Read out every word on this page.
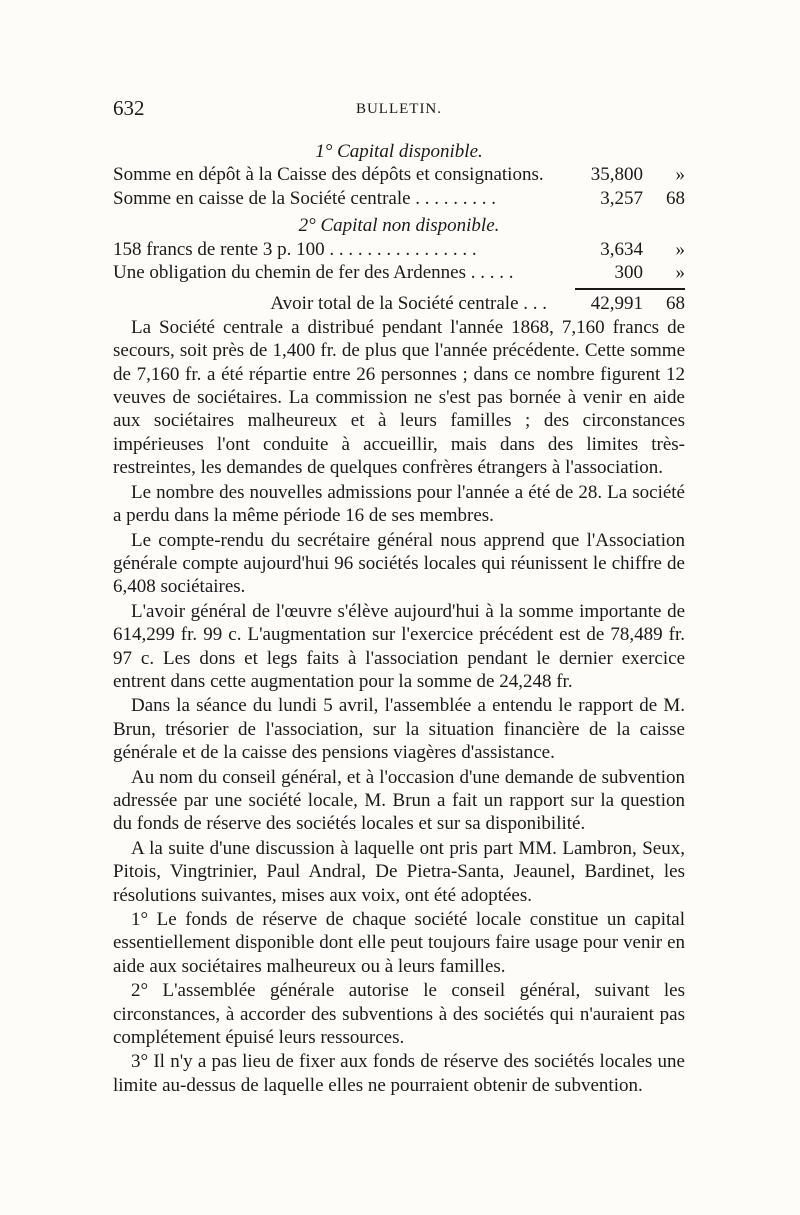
632	BULLETIN.

1° Capital disponible.

Somme en dépôt à la Caisse des dépôts et consignations.	35,800	»
Somme en caisse de la Société centrale . . . . . . . . .	3,257	68

2° Capital non disponible.

158 francs de rente 3 p. 100 . . . . . . . . . . . . . . . .	3,634	»
Une obligation du chemin de fer des Ardennes . . . . .	300	»
Avoir total de la Société centrale . . .	42,991	68

La Société centrale a distribué pendant l'année 1868, 7,160 francs de secours, soit près de 1,400 fr. de plus que l'année précédente. Cette somme de 7,160 fr. a été répartie entre 26 personnes ; dans ce nombre figurent 12 veuves de sociétaires. La commission ne s'est pas bornée à venir en aide aux sociétaires malheureux et à leurs familles ; des circonstances impérieuses l'ont conduite à accueillir, mais dans des limites très-restreintes, les demandes de quelques confrères étrangers à l'association.

Le nombre des nouvelles admissions pour l'année a été de 28. La société a perdu dans la même période 16 de ses membres.

Le compte-rendu du secrétaire général nous apprend que l'Association générale compte aujourd'hui 96 sociétés locales qui réunissent le chiffre de 6,408 sociétaires.

L'avoir général de l'œuvre s'élève aujourd'hui à la somme importante de 614,299 fr. 99 c. L'augmentation sur l'exercice précédent est de 78,489 fr. 97 c. Les dons et legs faits à l'association pendant le dernier exercice entrent dans cette augmentation pour la somme de 24,248 fr.

Dans la séance du lundi 5 avril, l'assemblée a entendu le rapport de M. Brun, trésorier de l'association, sur la situation financière de la caisse générale et de la caisse des pensions viagères d'assistance.

Au nom du conseil général, et à l'occasion d'une demande de subvention adressée par une société locale, M. Brun a fait un rapport sur la question du fonds de réserve des sociétés locales et sur sa disponibilité.

A la suite d'une discussion à laquelle ont pris part MM. Lambron, Seux, Pitois, Vingtrinier, Paul Andral, De Pietra-Santa, Jeaunel, Bardinet, les résolutions suivantes, mises aux voix, ont été adoptées.

1° Le fonds de réserve de chaque société locale constitue un capital essentiellement disponible dont elle peut toujours faire usage pour venir en aide aux sociétaires malheureux ou à leurs familles.

2° L'assemblée générale autorise le conseil général, suivant les circonstances, à accorder des subventions à des sociétés qui n'auraient pas complétement épuisé leurs ressources.

3° Il n'y a pas lieu de fixer aux fonds de réserve des sociétés locales une limite au-dessus de laquelle elles ne pourraient obtenir de subvention.
